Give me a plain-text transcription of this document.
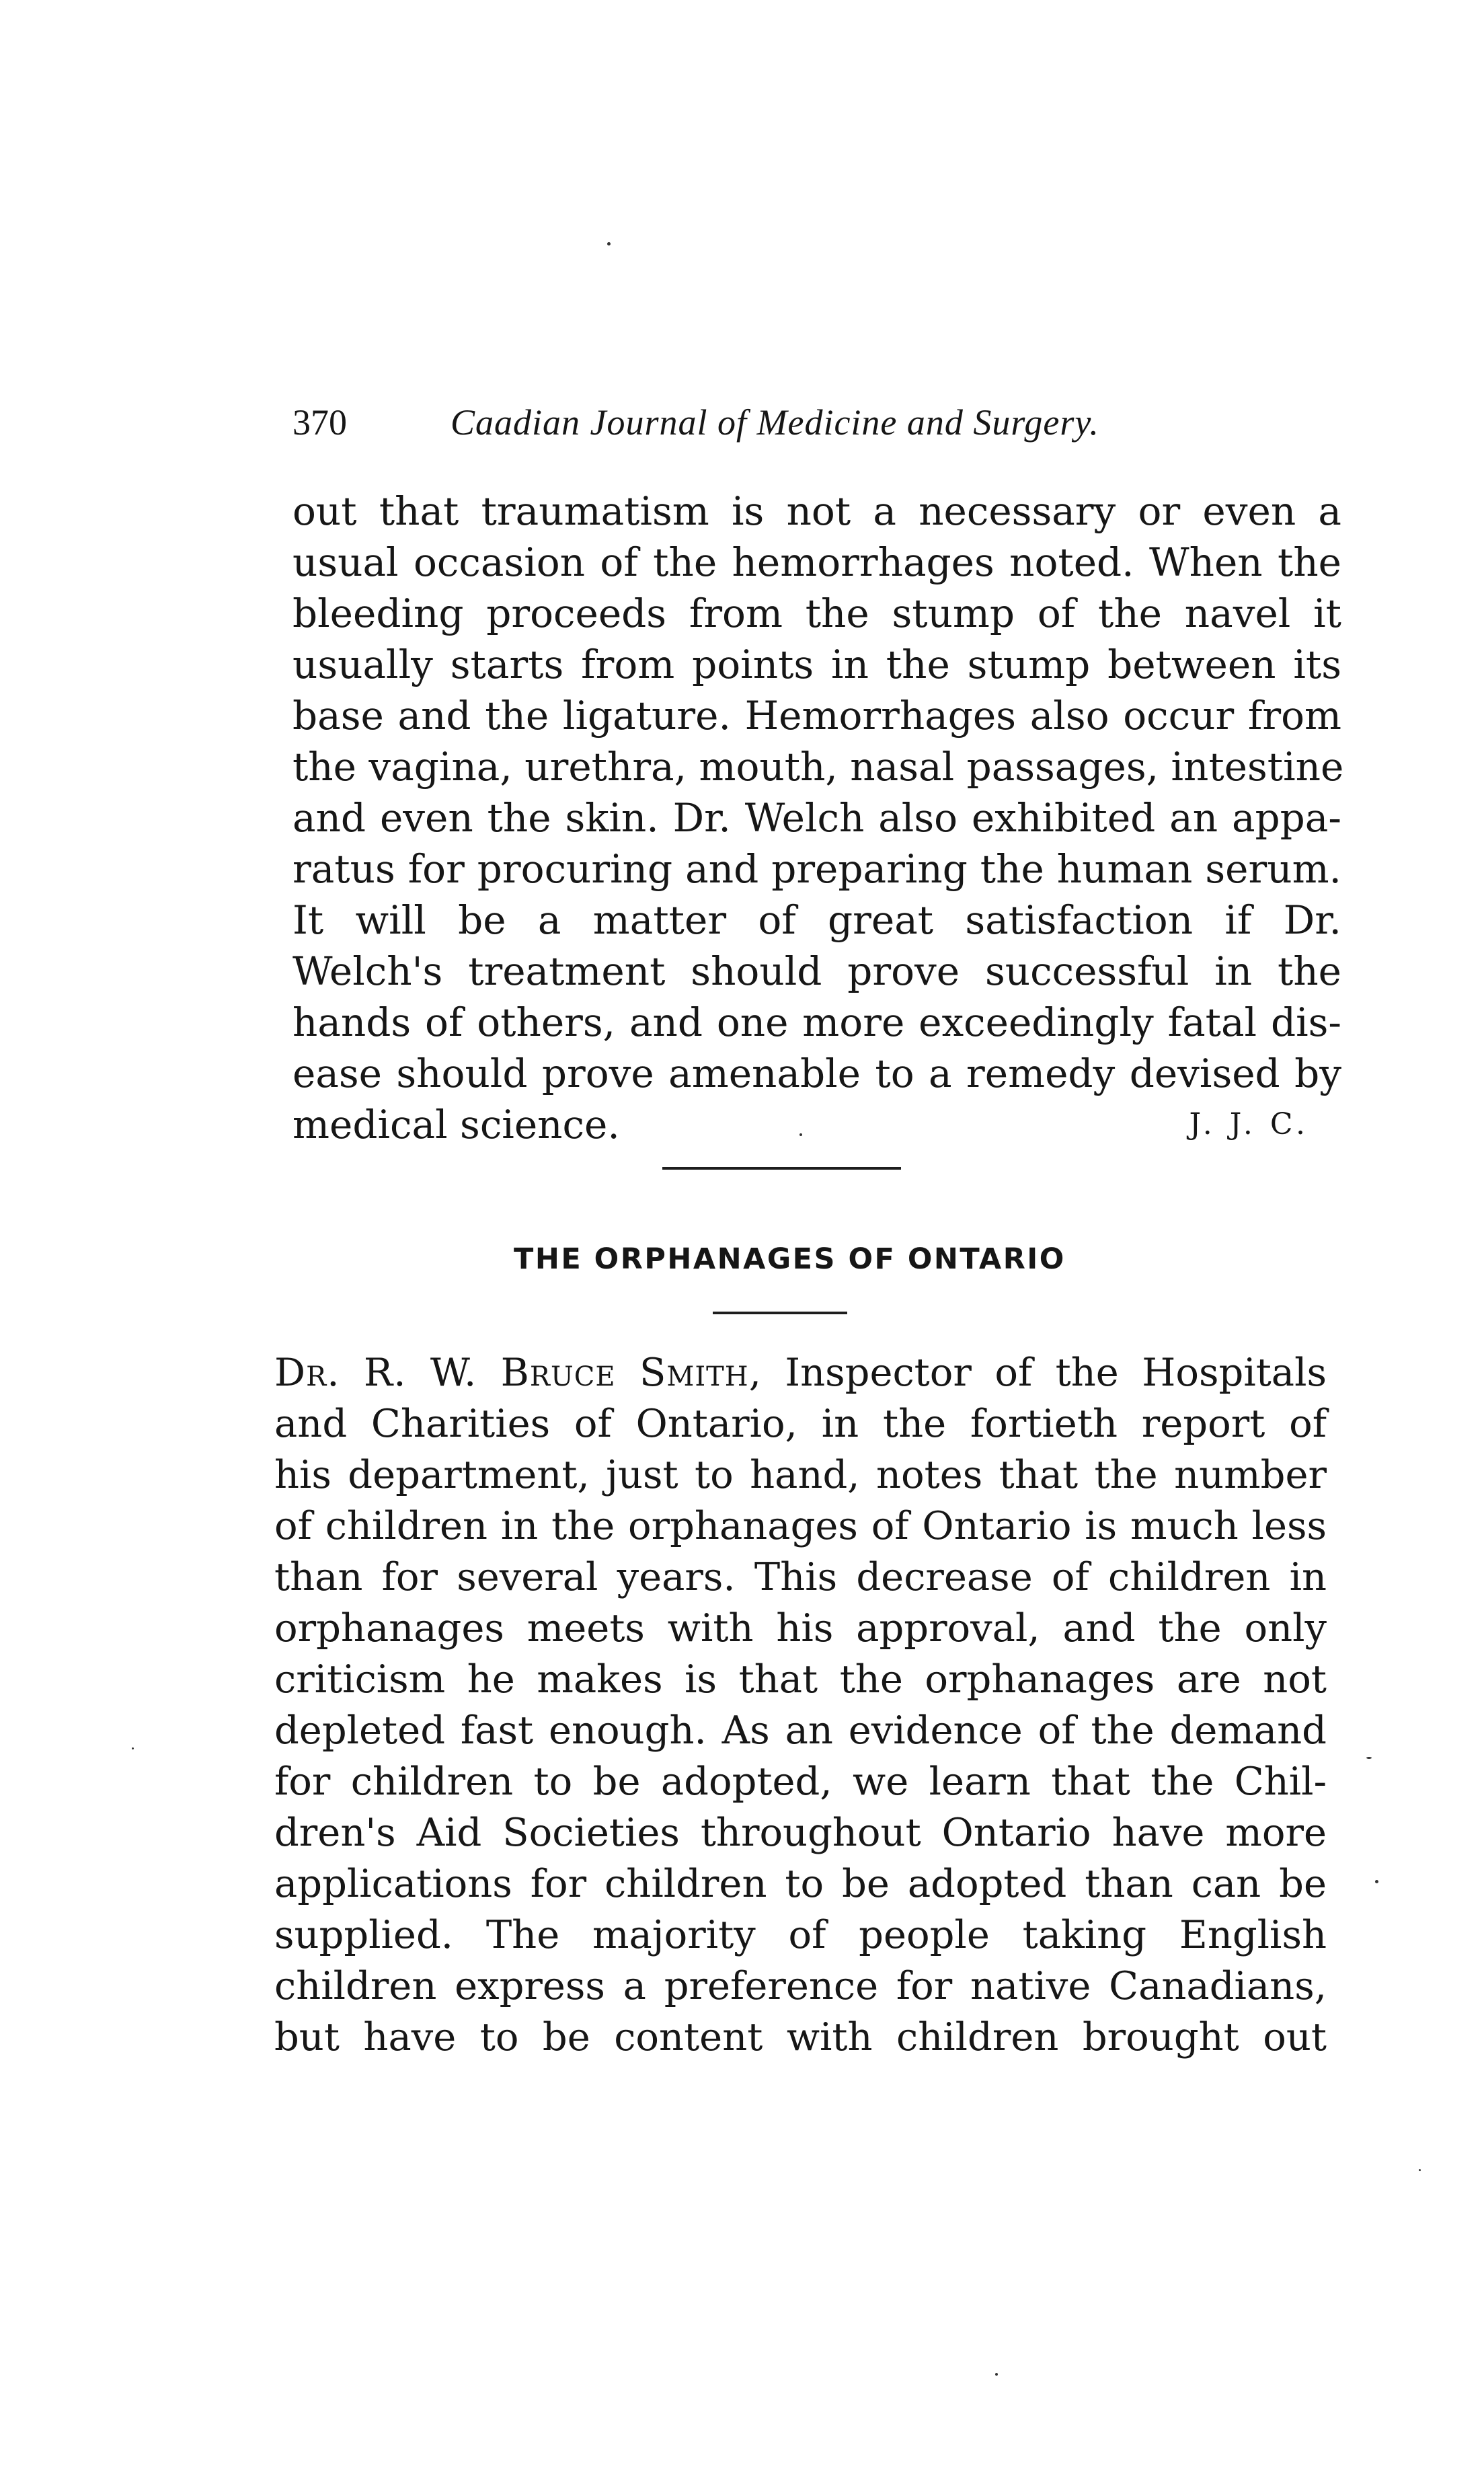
370	Caadian Journal of Medicine and Surgery.
out that traumatism is not a necessary or even a
usual occasion of the hemorrhages noted. When the
bleeding proceeds from the stump of the navel it
usually starts from points in the stump between its
base and the ligature. Hemorrhages also occur from
the vagina, urethra, mouth, nasal passages, intestine
and even the skin. Dr. Welch also exhibited an appa-
ratus for procuring and preparing the human serum.
It will be a matter of great satisfaction if Dr.
Welch's treatment should prove successful in the
hands of others, and one more exceedingly fatal dis-
ease should prove amenable to a remedy devised by
medical science.	J. J. C.
THE ORPHANAGES OF ONTARIO
Dr. R. W. Bruce Smith, Inspector of the Hospitals
and Charities of Ontario, in the fortieth report of
his department, just to hand, notes that the number
of children in the orphanages of Ontario is much less
than for several years. This decrease of children in
orphanages meets with his approval, and the only
criticism he makes is that the orphanages are not
depleted fast enough. As an evidence of the demand
for children to be adopted, we learn that the Chil-
dren's Aid Societies throughout Ontario have more
applications for children to be adopted than can be
supplied. The majority of people taking English
children express a preference for native Canadians,
but have to be content with children brought out
